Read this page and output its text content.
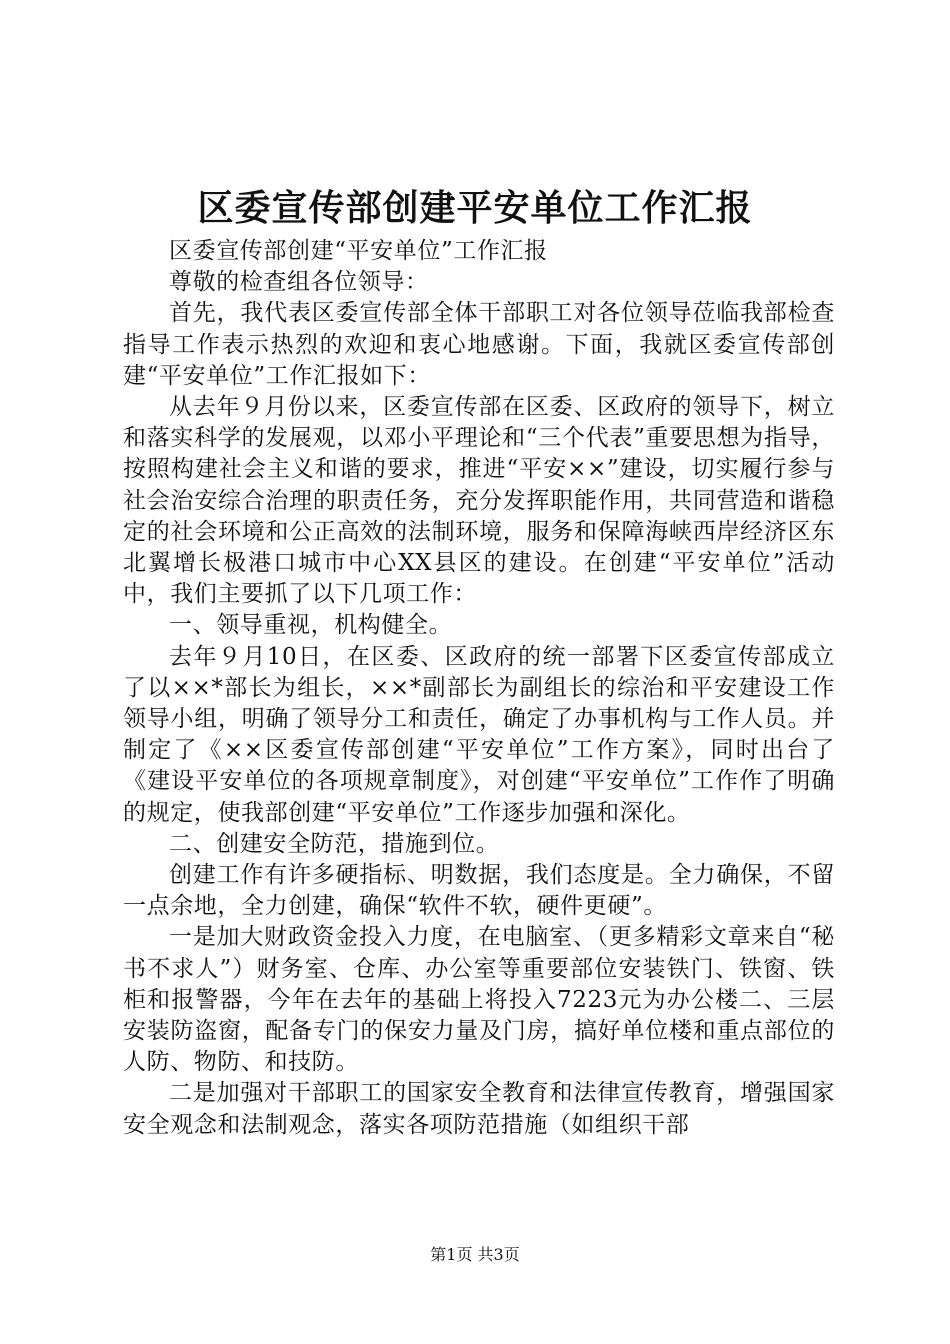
区委宣传部创建平安单位工作汇报

区委宣传部创建“平安单位”工作汇报

尊敬的检查组各位领导：

首先，我代表区委宣传部全体干部职工对各位领导莅临我部检查指导工作表示热烈的欢迎和衷心地感谢。下面，我就区委宣传部创建“平安单位”工作汇报如下：

从去年９月份以来，区委宣传部在区委、区政府的领导下，树立和落实科学的发展观，以邓小平理论和“三个代表”重要思想为指导，按照构建社会主义和谐的要求，推进“平安××”建设，切实履行参与社会治安综合治理的职责任务，充分发挥职能作用，共同营造和谐稳定的社会环境和公正高效的法制环境，服务和保障海峡西岸经济区东北翼增长极港口城市中心XX县区的建设。在创建“平安单位”活动中，我们主要抓了以下几项工作：

一、领导重视，机构健全。

去年９月10日，在区委、区政府的统一部署下区委宣传部成立了以××*部长为组长，××*副部长为副组长的综治和平安建设工作领导小组，明确了领导分工和责任，确定了办事机构与工作人员。并制定了《××区委宣传部创建“平安单位”工作方案》，同时出台了《建设平安单位的各项规章制度》，对创建“平安单位”工作作了明确的规定，使我部创建“平安单位”工作逐步加强和深化。

二、创建安全防范，措施到位。

创建工作有许多硬指标、明数据，我们态度是。全力确保，不留一点余地，全力创建，确保“软件不软，硬件更硬”。

一是加大财政资金投入力度，在电脑室、（更多精彩文章来自“秘书不求人”）财务室、仓库、办公室等重要部位安装铁门、铁窗、铁柜和报警器，今年在去年的基础上将投入7223元为办公楼二、三层安装防盗窗，配备专门的保安力量及门房，搞好单位楼和重点部位的人防、物防、和技防。

二是加强对干部职工的国家安全教育和法律宣传教育，增强国家安全观念和法制观念，落实各项防范措施（如组织干部

第1页 共3页
